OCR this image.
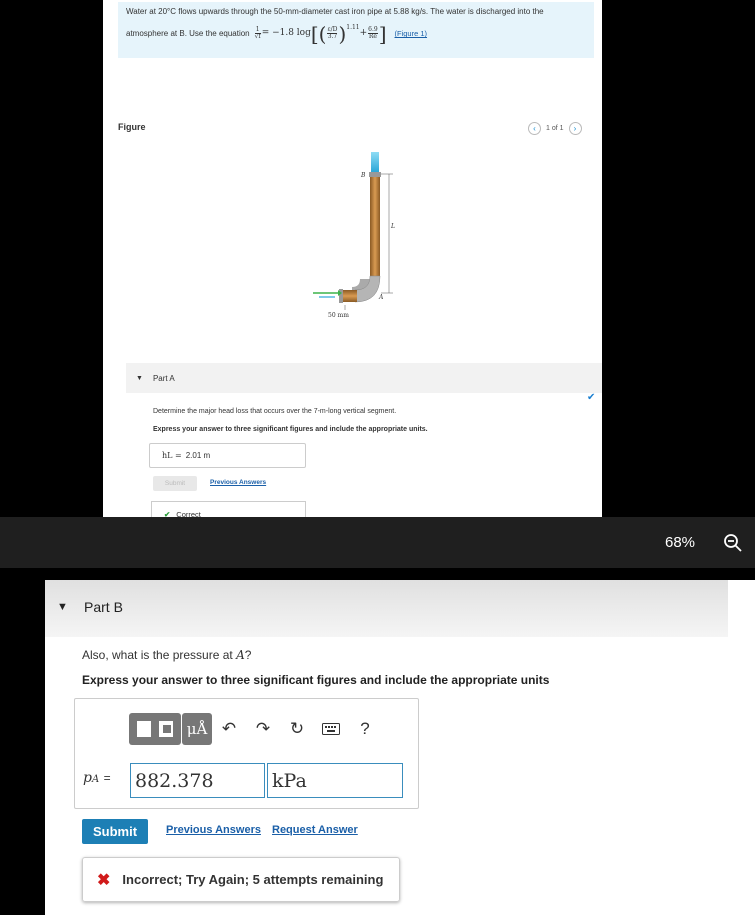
Water at 20°C flows upwards through the 50-mm-diameter cast iron pipe at 5.88 kg/s. The water is discharged into the
atmosphere at B. Use the equation $\frac{1}{√f} = -1.8$ log [( $\frac{\varepsilon/D}{3.7}$ ) 1.11
+ $\frac{6.9}{Re}$ ] (Figure 1)
Figure	‹	1 of 1	›
B
L
A
50 mm
▼ Part A
✔
Determine the major head loss that occurs over the 7-m-long vertical segment.
Express your answer to three significant figures and include the appropriate units.
hL = 2.01 m
Submit	Previous Answers
✔ Correct
68%
▼ Part B
Also, what is the pressure at A?
Express your answer to three significant figures and include the appropriate units
μÅ ↶	↷	↻	?
pA = 882.378	kPa
Submit	Previous Answers Request Answer
✖ Incorrect; Try Again; 5 attempts remaining
